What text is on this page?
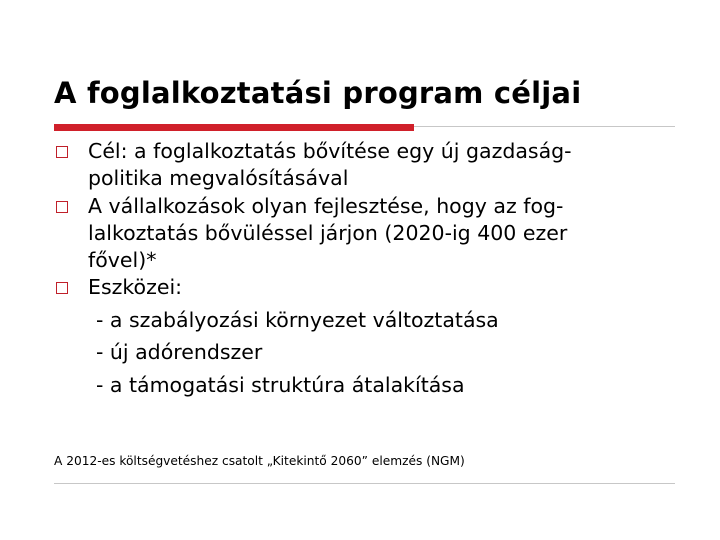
A foglalkoztatási program céljai
Cél: a foglalkoztatás bővítése egy új gazdaság-
politika megvalósításával
A vállalkozások olyan fejlesztése, hogy az fog-
lalkoztatás bővüléssel járjon (2020-ig 400 ezer
fővel)*
Eszközei:
- a szabályozási környezet változtatása
- új adórendszer
- a támogatási struktúra átalakítása
A 2012-es költségvetéshez csatolt „Kitekintő 2060” elemzés (NGM)
